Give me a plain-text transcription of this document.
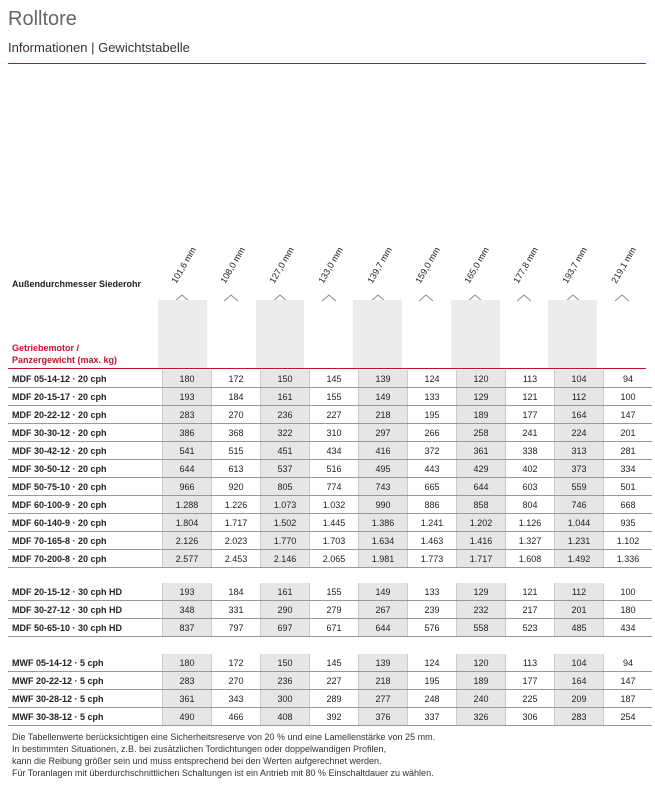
Rolltore
Informationen | Gewichtstabelle
Außendurchmesser Siederohr	101,6 mm 108,0 mm 127,0 mm 133,0 mm 139,7 mm 159,0 mm 165,0 mm 177,8 mm 193,7 mm 219,1 mm
Getriebemotor /
Panzergewicht (max. kg)
MDF 05-14-12 · 20 cph	180	172	150	145	139	124	120	113	104	94
MDF 20-15-17 · 20 cph	193	184	161	155	149	133	129	121	112	100
MDF 20-22-12 · 20 cph	283	270	236	227	218	195	189	177	164	147
MDF 30-30-12 · 20 cph	386	368	322	310	297	266	258	241	224	201
MDF 30-42-12 · 20 cph	541	515	451	434	416	372	361	338	313	281
MDF 30-50-12 · 20 cph	644	613	537	516	495	443	429	402	373	334
MDF 50-75-10 · 20 cph	966	920	805	774	743	665	644	603	559	501
MDF 60-100-9 · 20 cph	1.288	1.226	1.073	1.032	990	886	858	804	746	668
MDF 60-140-9 · 20 cph	1.804	1.717	1.502	1.445	1.386	1.241	1.202	1.126	1.044	935
MDF 70-165-8 · 20 cph	2.126	2.023	1.770	1.703	1.634	1.463	1.416	1.327	1.231	1.102
MDF 70-200-8 · 20 cph	2.577	2.453	2.146	2.065	1.981	1.773	1.717	1.608	1.492	1.336
MDF 20-15-12 · 30 cph HD	193	184	161	155	149	133	129	121	112	100
MDF 30-27-12 · 30 cph HD	348	331	290	279	267	239	232	217	201	180
MDF 50-65-10 · 30 cph HD	837	797	697	671	644	576	558	523	485	434
MWF 05-14-12 · 5 cph	180	172	150	145	139	124	120	113	104	94
MWF 20-22-12 · 5 cph	283	270	236	227	218	195	189	177	164	147
MWF 30-28-12 · 5 cph	361	343	300	289	277	248	240	225	209	187
MWF 30-38-12 · 5 cph	490	466	408	392	376	337	326	306	283	254
Die Tabellenwerte berücksichtigen eine Sicherheitsreserve von 20 % und eine Lamellenstärke von 25 mm.
In bestimmten Situationen, z.B. bei zusätzlichen Tordichtungen oder doppelwandigen Profilen,
kann die Reibung größer sein und muss entsprechend bei den Werten aufgerechnet werden.
Für Toranlagen mit überdurchschnittlichen Schaltungen ist ein Antrieb mit 80 % Einschaltdauer zu wählen.
